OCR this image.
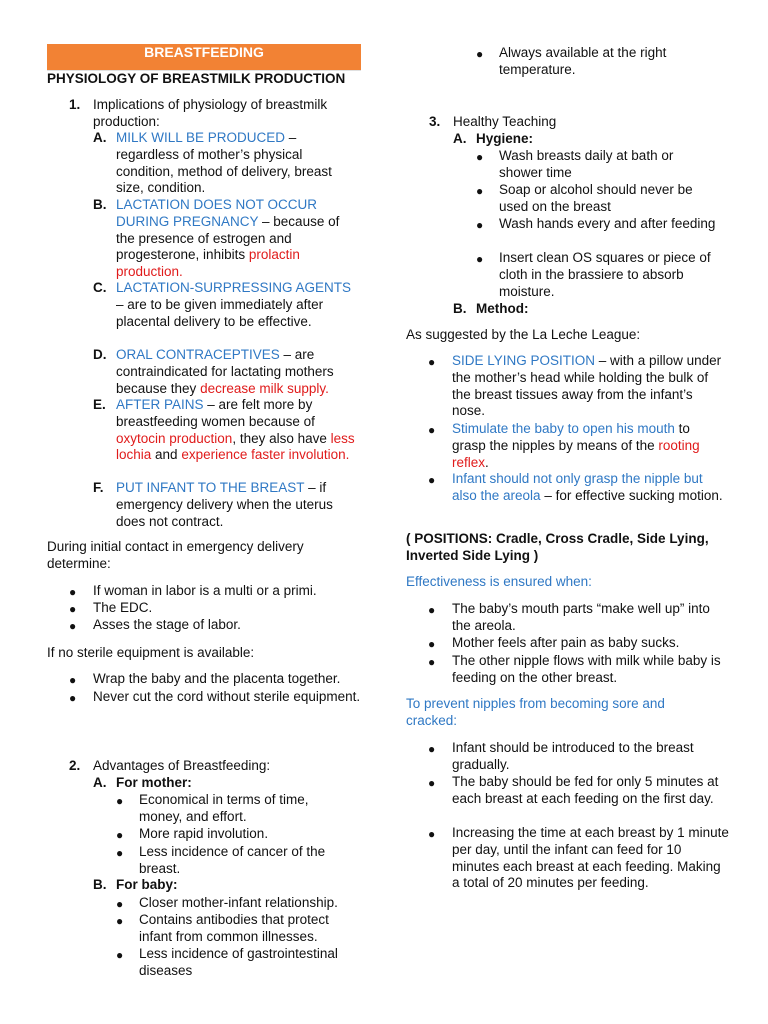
BREASTFEEDING
PHYSIOLOGY OF BREASTMILK PRODUCTION
1. Implications of physiology of breastmilk production:
A. MILK WILL BE PRODUCED – regardless of mother’s physical condition, method of delivery, breast size, condition.
B. LACTATION DOES NOT OCCUR DURING PREGNANCY – because of the presence of estrogen and progesterone, inhibits prolactin production.
C. LACTATION-SURPRESSING AGENTS – are to be given immediately after placental delivery to be effective.
D. ORAL CONTRACEPTIVES – are contraindicated for lactating mothers because they decrease milk supply.
E. AFTER PAINS – are felt more by breastfeeding women because of oxytocin production, they also have less lochia and experience faster involution.
F. PUT INFANT TO THE BREAST – if emergency delivery when the uterus does not contract.
During initial contact in emergency delivery determine:
● If woman in labor is a multi or a primi.
● The EDC.
● Asses the stage of labor.
If no sterile equipment is available:
● Wrap the baby and the placenta together.
● Never cut the cord without sterile equipment.
2. Advantages of Breastfeeding:
A. For mother:
● Economical in terms of time, money, and effort.
● More rapid involution.
● Less incidence of cancer of the breast.
B. For baby:
● Closer mother-infant relationship.
● Contains antibodies that protect infant from common illnesses.
● Less incidence of gastrointestinal diseases
● Always available at the right temperature.
3. Healthy Teaching
A. Hygiene:
● Wash breasts daily at bath or shower time
● Soap or alcohol should never be used on the breast
● Wash hands every and after feeding
● Insert clean OS squares or piece of cloth in the brassiere to absorb moisture.
B. Method:
As suggested by the La Leche League:
● SIDE LYING POSITION – with a pillow under the mother’s head while holding the bulk of the breast tissues away from the infant’s nose.
● Stimulate the baby to open his mouth to grasp the nipples by means of the rooting reflex.
● Infant should not only grasp the nipple but also the areola – for effective sucking motion.
( POSITIONS: Cradle, Cross Cradle, Side Lying, Inverted Side Lying )
Effectiveness is ensured when:
● The baby’s mouth parts “make well up” into the areola.
● Mother feels after pain as baby sucks.
● The other nipple flows with milk while baby is feeding on the other breast.
To prevent nipples from becoming sore and cracked:
● Infant should be introduced to the breast gradually.
● The baby should be fed for only 5 minutes at each breast at each feeding on the first day.
● Increasing the time at each breast by 1 minute per day, until the infant can feed for 10 minutes each breast at each feeding. Making a total of 20 minutes per feeding.
